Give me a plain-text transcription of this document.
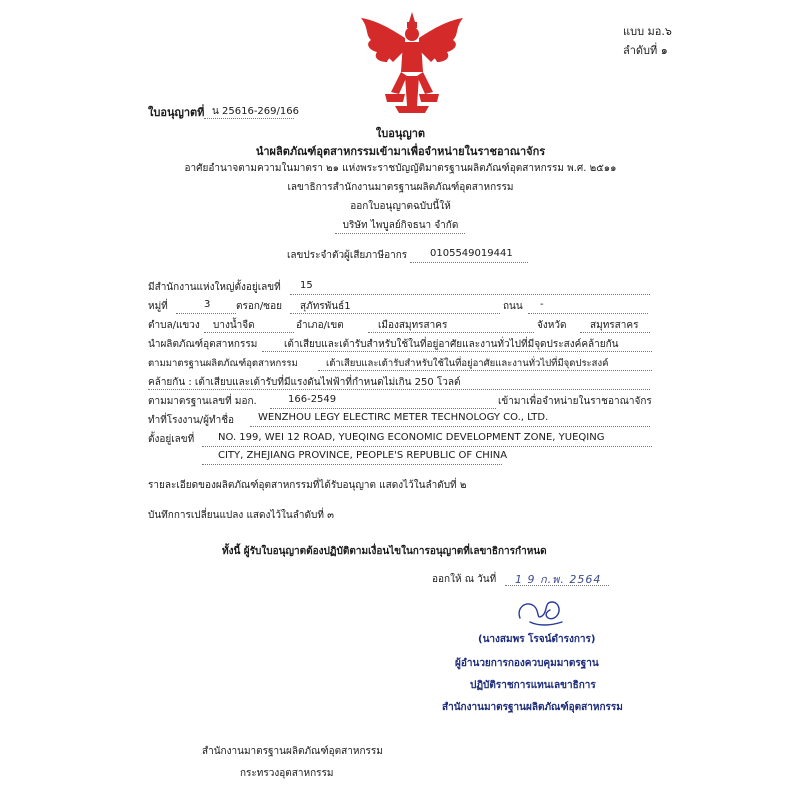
แบบ มอ.๖
ลำดับที่ ๑
ใบอนุญาตที่ น 25616-269/166
ใบอนุญาต
นำผลิตภัณฑ์อุตสาหกรรมเข้ามาเพื่อจำหน่ายในราชอาณาจักร
อาศัยอำนาจตามความในมาตรา ๒๑ แห่งพระราชบัญญัติมาตรฐานผลิตภัณฑ์อุตสาหกรรม พ.ศ. ๒๕๑๑
เลขาธิการสำนักงานมาตรฐานผลิตภัณฑ์อุตสาหกรรม
ออกใบอนุญาตฉบับนี้ให้
บริษัท ไพบูลย์กิจธนา จำกัด
เลขประจำตัวผู้เสียภาษีอากร 0105549019441
มีสำนักงานแห่งใหญ่ตั้งอยู่เลขที่ 15
หมู่ที่	3	ตรอก/ซอย สุภัทรพันธ์1	ถนน -
ตำบล/แขวง บางน้ำจืด	อำเภอ/เขต	เมืองสมุทรสาคร	จังหวัด สมุทรสาคร
นำผลิตภัณฑ์อุตสาหกรรม	เต้าเสียบและเต้ารับสำหรับใช้ในที่อยู่อาศัยและงานทั่วไปที่มีจุดประสงค์คล้ายกัน
ตามมาตรฐานผลิตภัณฑ์อุตสาหกรรม	เต้าเสียบและเต้ารับสำหรับใช้ในที่อยู่อาศัยและงานทั่วไปที่มีจุดประสงค์
คล้ายกัน : เต้าเสียบและเต้ารับที่มีแรงดันไฟฟ้าที่กำหนดไม่เกิน 250 โวลต์
ตามมาตรฐานเลขที่ มอก.	166-2549	เข้ามาเพื่อจำหน่ายในราชอาณาจักร
ทำที่โรงงาน/ผู้ทำชื่อ WENZHOU LEGY ELECTIRC METER TECHNOLOGY CO., LTD.
ตั้งอยู่เลขที่ NO. 199, WEI 12 ROAD, YUEQING ECONOMIC DEVELOPMENT ZONE, YUEQING
CITY, ZHEJIANG PROVINCE, PEOPLE'S REPUBLIC OF CHINA
รายละเอียดของผลิตภัณฑ์อุตสาหกรรมที่ได้รับอนุญาต แสดงไว้ในลำดับที่ ๒
บันทึกการเปลี่ยนแปลง แสดงไว้ในลำดับที่ ๓
ทั้งนี้ ผู้รับใบอนุญาตต้องปฏิบัติตามเงื่อนไขในการอนุญาตที่เลขาธิการกำหนด
ออกให้ ณ วันที่ 1 9 ก.พ. 2564
(นางสมพร โรจน์ดำรงการ)
ผู้อำนวยการกองควบคุมมาตรฐาน
ปฏิบัติราชการแทนเลขาธิการ
สำนักงานมาตรฐานผลิตภัณฑ์อุตสาหกรรม
สำนักงานมาตรฐานผลิตภัณฑ์อุตสาหกรรม
กระทรวงอุตสาหกรรม
